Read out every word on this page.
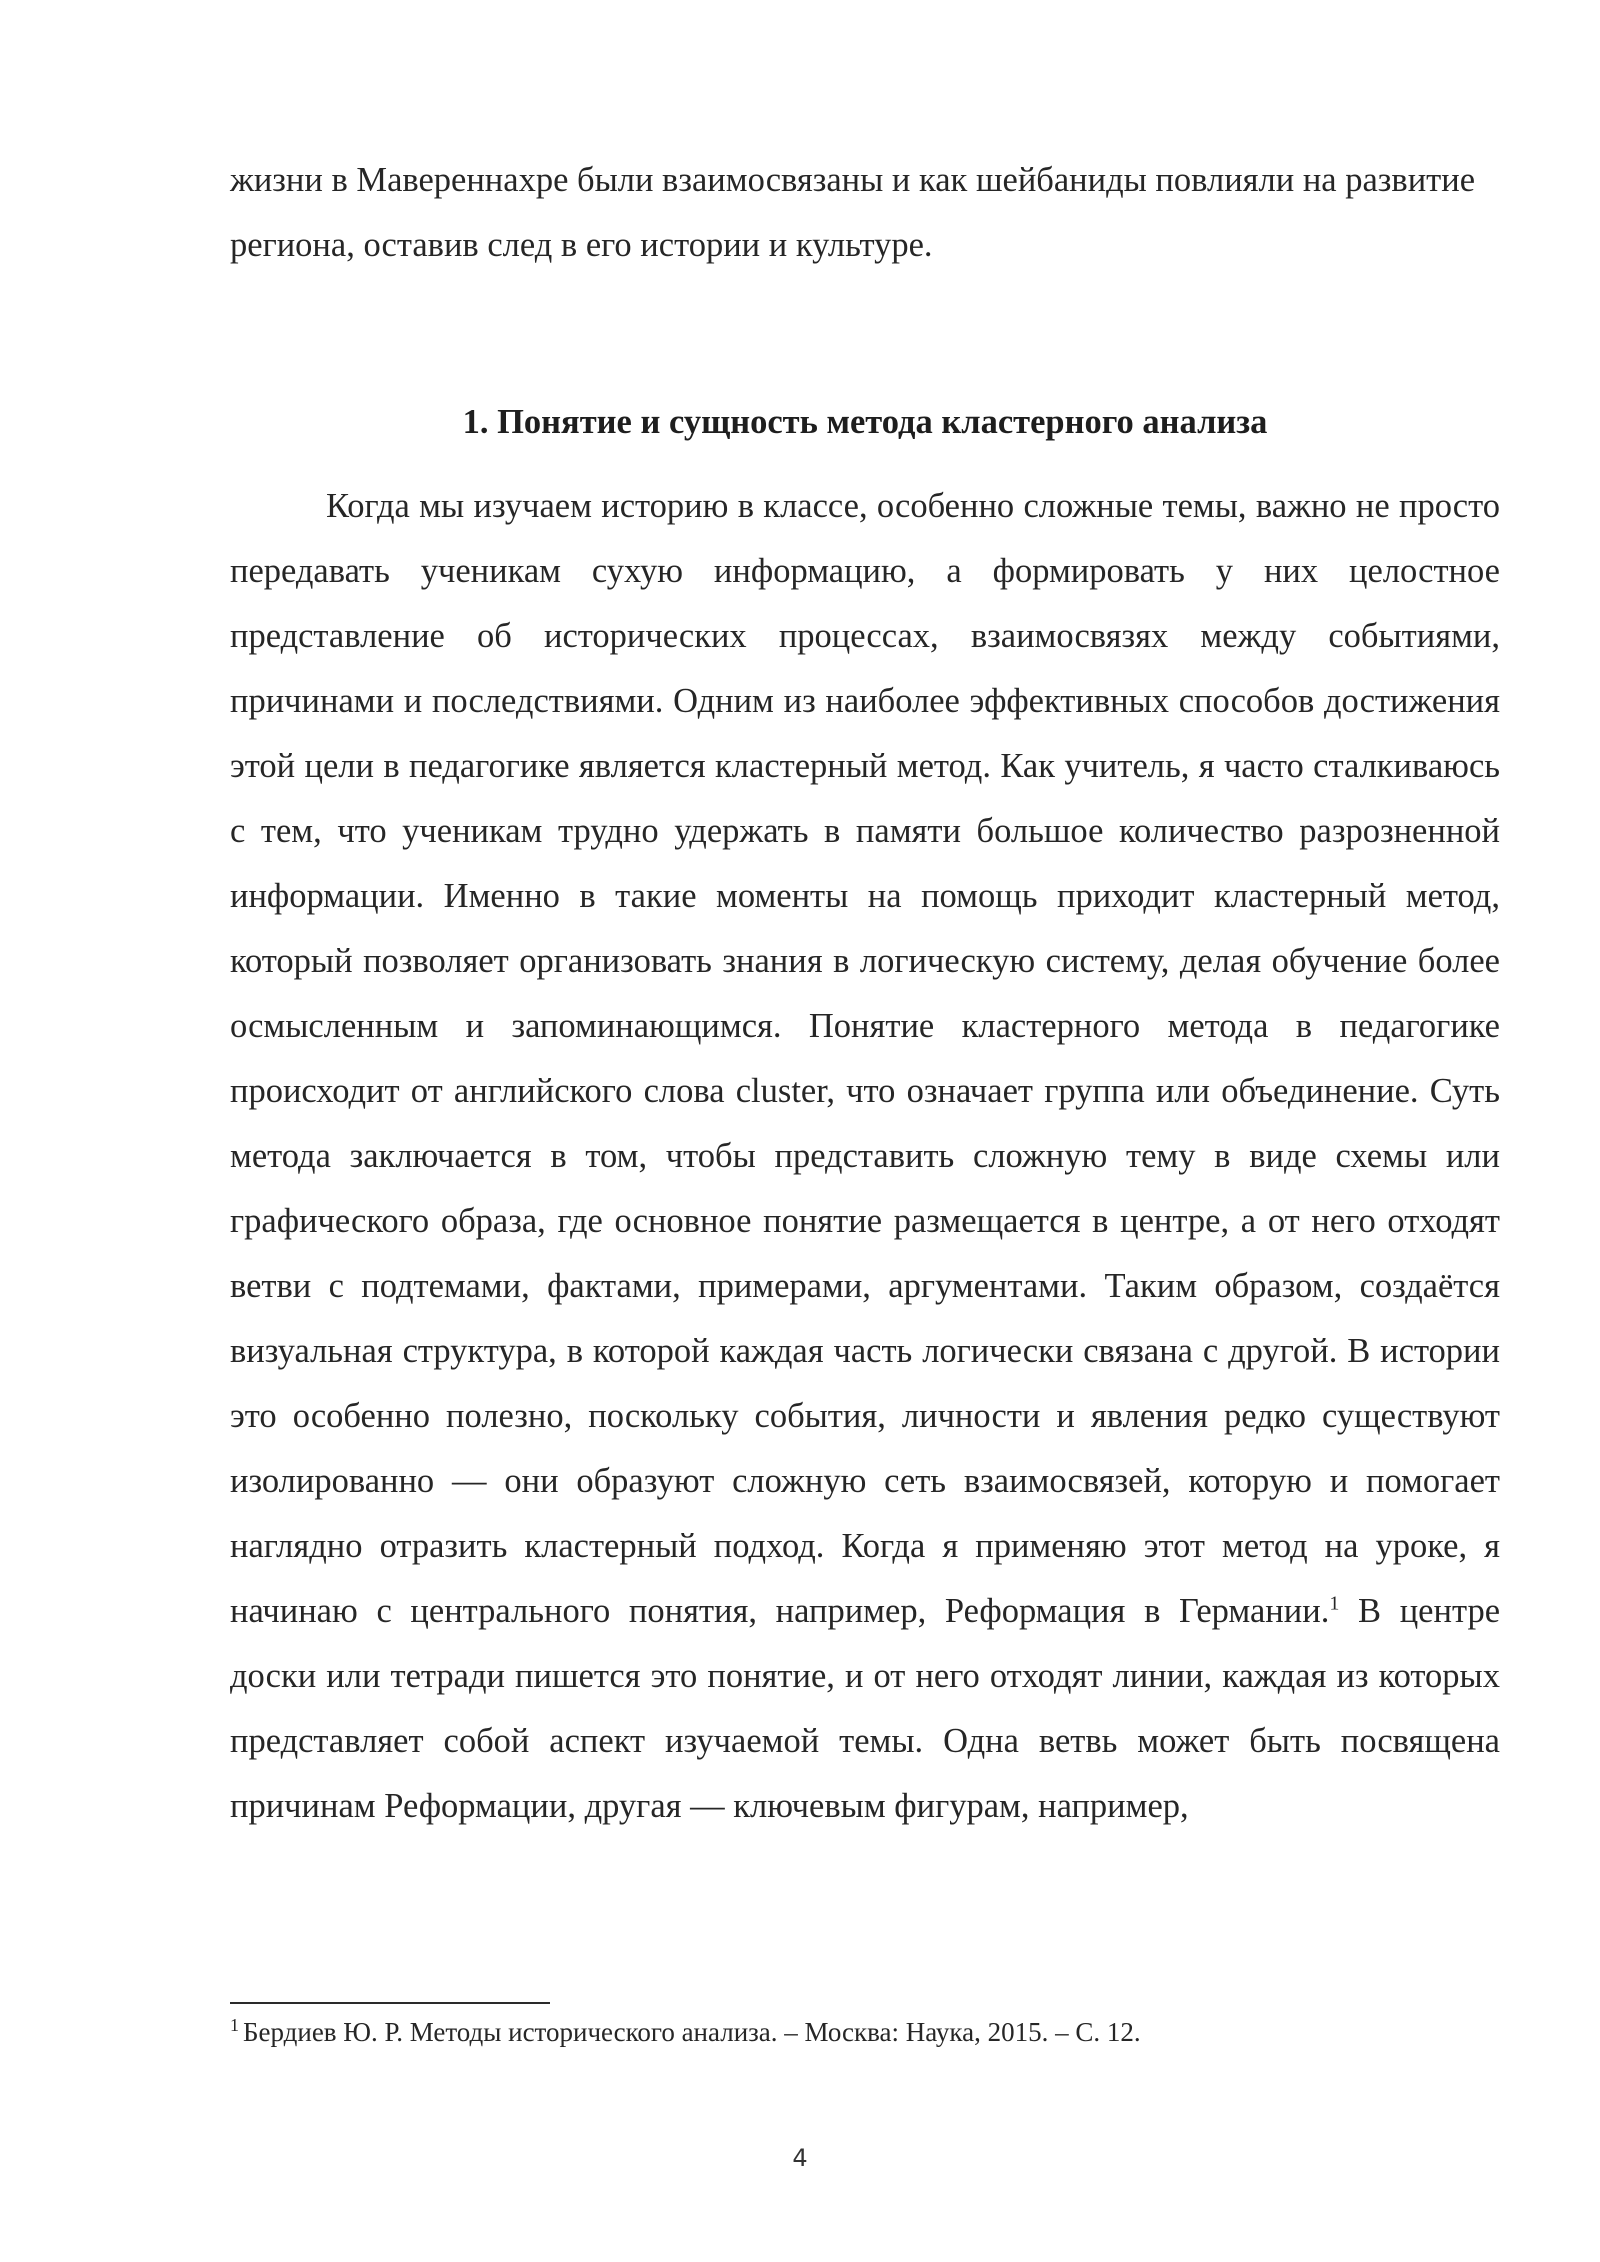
жизни в Мавереннахре были взаимосвязаны и как шейбаниды повлияли на развитие региона, оставив след в его истории и культуре.

1. Понятие и сущность метода кластерного анализа

Когда мы изучаем историю в классе, особенно сложные темы, важно не просто передавать ученикам сухую информацию, а формировать у них целостное представление об исторических процессах, взаимосвязях между событиями, причинами и последствиями. Одним из наиболее эффективных способов достижения этой цели в педагогике является кластерный метод. Как учитель, я часто сталкиваюсь с тем, что ученикам трудно удержать в памяти большое количество разрозненной информации. Именно в такие моменты на помощь приходит кластерный метод, который позволяет организовать знания в логическую систему, делая обучение более осмысленным и запоминающимся. Понятие кластерного метода в педагогике происходит от английского слова cluster, что означает группа или объединение. Суть метода заключается в том, чтобы представить сложную тему в виде схемы или графического образа, где основное понятие размещается в центре, а от него отходят ветви с подтемами, фактами, примерами, аргументами. Таким образом, создаётся визуальная структура, в которой каждая часть логически связана с другой. В истории это особенно полезно, поскольку события, личности и явления редко существуют изолированно — они образуют сложную сеть взаимосвязей, которую и помогает наглядно отразить кластерный подход. Когда я применяю этот метод на уроке, я начинаю с центрального понятия, например, Реформация в Германии.$^1$ В центре доски или тетради пишется это понятие, и от него отходят линии, каждая из которых представляет собой аспект изучаемой темы. Одна ветвь может быть посвящена причинам Реформации, другая — ключевым фигурам, например,

$^1$ Бердиев Ю. Р. Методы исторического анализа. – Москва: Наука, 2015. – С. 12.

4
